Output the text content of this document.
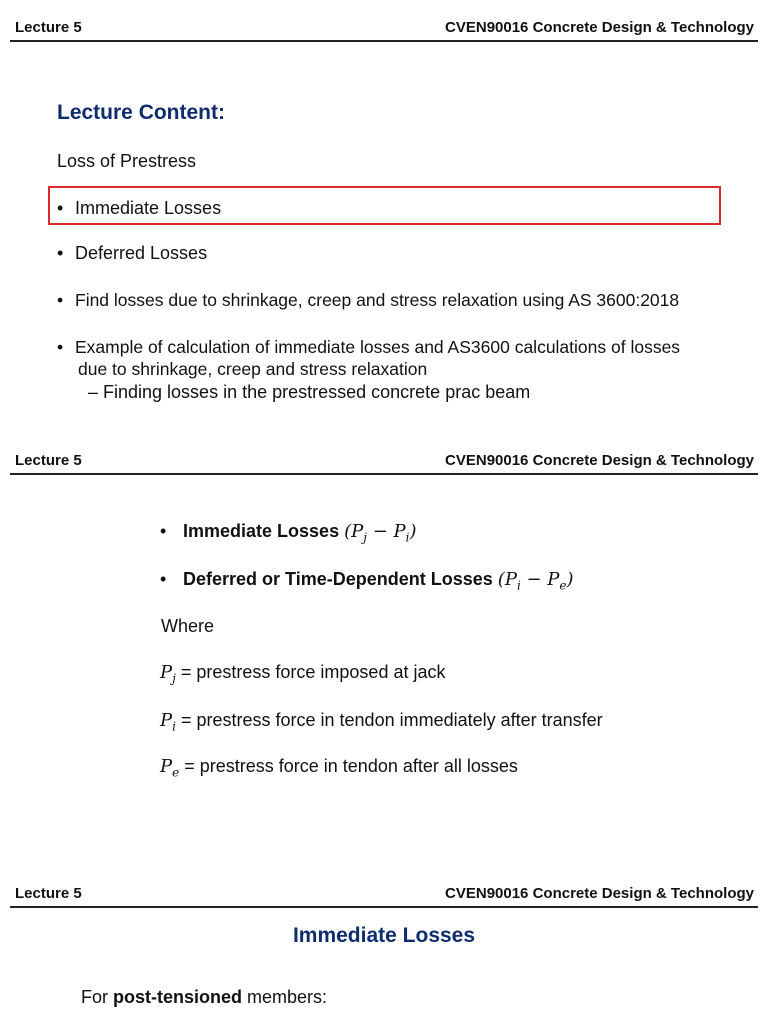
Lecture 5	CVEN90016 Concrete Design & Technology
Lecture Content:
Loss of Prestress
• Immediate Losses
• Deferred Losses
• Find losses due to shrinkage, creep and stress relaxation using AS 3600:2018
• Example of calculation of immediate losses and AS3600 calculations of losses
due to shrinkage, creep and stress relaxation
– Finding losses in the prestressed concrete prac beam
Lecture 5	CVEN90016 Concrete Design & Technology
• Immediate Losses $(P_j - P_i)$
• Deferred or Time-Dependent Losses $(P_i - P_e)$
Where
$P_j$ = prestress force imposed at jack
$P_i$ = prestress force in tendon immediately after transfer
$P_e$ = prestress force in tendon after all losses
Lecture 5	CVEN90016 Concrete Design & Technology
Immediate Losses
For post-tensioned members:
